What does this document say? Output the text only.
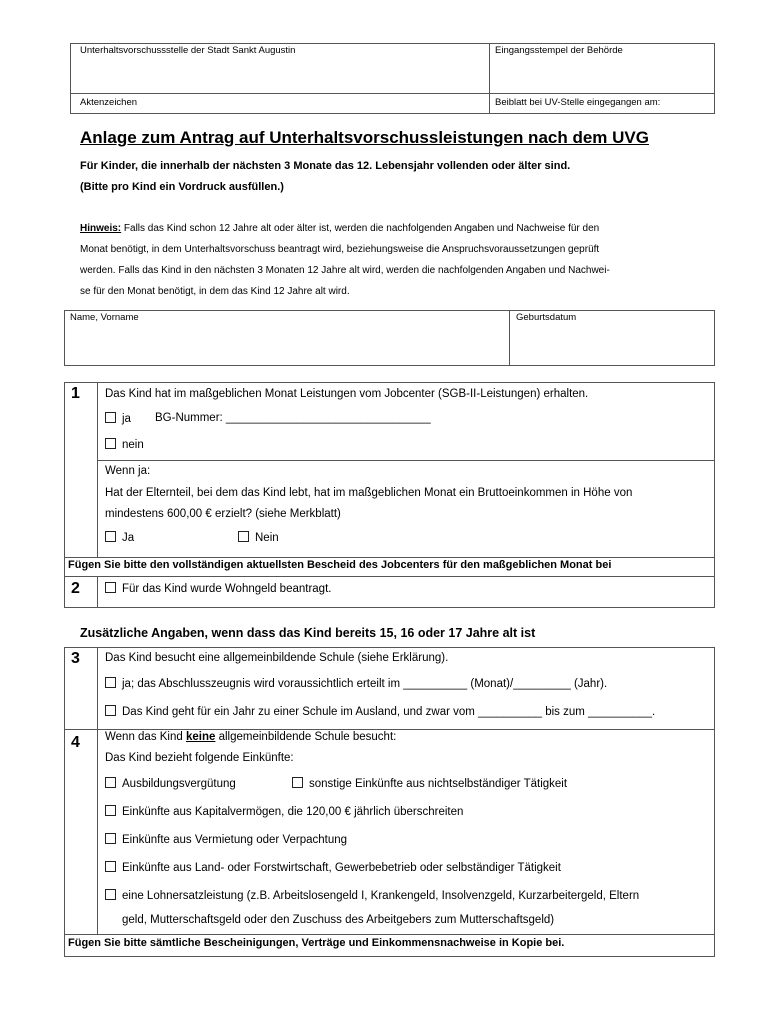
Unterhaltsvorschussstelle der Stadt Sankt Augustin	Eingangsstempel der Behörde
Aktenzeichen	Beiblatt bei UV-Stelle eingegangen am:
Anlage zum Antrag auf Unterhaltsvorschussleistungen nach dem UVG
Für Kinder, die innerhalb der nächsten 3 Monate das 12. Lebensjahr vollenden oder älter sind.
(Bitte pro Kind ein Vordruck ausfüllen.)
Hinweis: Falls das Kind schon 12 Jahre alt oder älter ist, werden die nachfolgenden Angaben und Nachweise für den
Monat benötigt, in dem Unterhaltsvorschuss beantragt wird, beziehungsweise die Anspruchsvoraussetzungen geprüft
werden. Falls das Kind in den nächsten 3 Monaten 12 Jahre alt wird, werden die nachfolgenden Angaben und Nachwei-
se für den Monat benötigt, in dem das Kind 12 Jahre alt wird.
Name, Vorname	Geburtsdatum
1 Das Kind hat im maßgeblichen Monat Leistungen vom Jobcenter (SGB-II-Leistungen) erhalten.
ja BG-Nummer: ________________________________
nein
Wenn ja:
Hat der Elternteil, bei dem das Kind lebt, hat im maßgeblichen Monat ein Bruttoeinkommen in Höhe von
mindestens 600,00 € erzielt? (siehe Merkblatt)
Ja	Nein
Fügen Sie bitte den vollständigen aktuellsten Bescheid des Jobcenters für den maßgeblichen Monat bei
2	Für das Kind wurde Wohngeld beantragt.
Zusätzliche Angaben, wenn dass das Kind bereits 15, 16 oder 17 Jahre alt ist
3 Das Kind besucht eine allgemeinbildende Schule (siehe Erklärung).
ja; das Abschlusszeugnis wird voraussichtlich erteilt im __________ (Monat)/_________ (Jahr).
Das Kind geht für ein Jahr zu einer Schule im Ausland, und zwar vom __________ bis zum __________.
4 Wenn das Kind keine allgemeinbildende Schule besucht:
Das Kind bezieht folgende Einkünfte:
Ausbildungsvergütung	sonstige Einkünfte aus nichtselbständiger Tätigkeit
Einkünfte aus Kapitalvermögen, die 120,00 € jährlich überschreiten
Einkünfte aus Vermietung oder Verpachtung
Einkünfte aus Land- oder Forstwirtschaft, Gewerbebetrieb oder selbständiger Tätigkeit
eine Lohnersatzleistung (z.B. Arbeitslosengeld I, Krankengeld, Insolvenzgeld, Kurzarbeitergeld, Eltern
geld, Mutterschaftsgeld oder den Zuschuss des Arbeitgebers zum Mutterschaftsgeld)
Fügen Sie bitte sämtliche Bescheinigungen, Verträge und Einkommensnachweise in Kopie bei.
